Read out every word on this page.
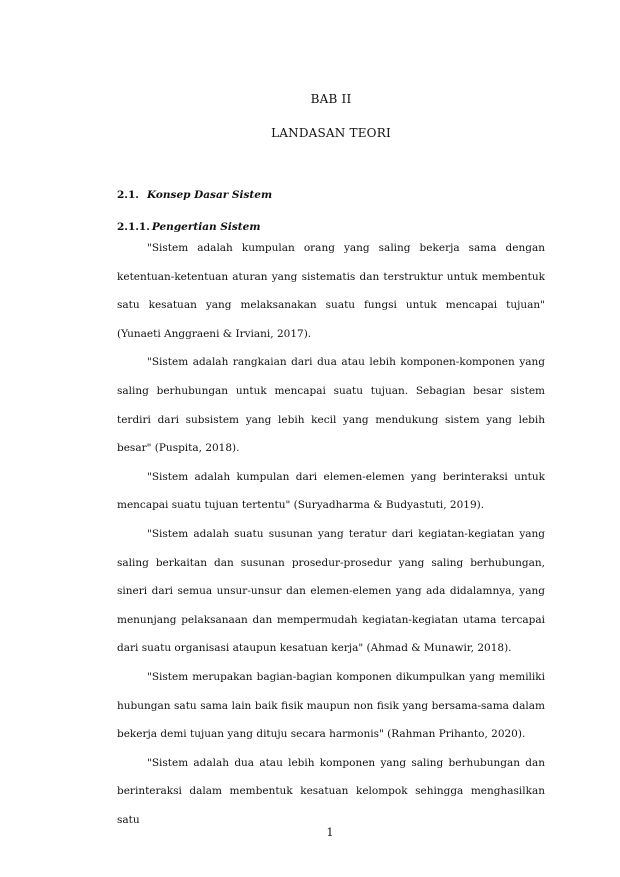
BAB II
LANDASAN TEORI
2.1. Konsep Dasar Sistem
2.1.1. Pengertian Sistem

"Sistem adalah kumpulan orang yang saling bekerja sama dengan ketentuan-ketentuan aturan yang sistematis dan terstruktur untuk membentuk satu kesatuan yang melaksanakan suatu fungsi untuk mencapai tujuan" (Yunaeti Anggraeni & Irviani, 2017).

"Sistem adalah rangkaian dari dua atau lebih komponen-komponen yang saling berhubungan untuk mencapai suatu tujuan. Sebagian besar sistem terdiri dari subsistem yang lebih kecil yang mendukung sistem yang lebih besar" (Puspita, 2018).

"Sistem adalah kumpulan dari elemen-elemen yang berinteraksi untuk mencapai suatu tujuan tertentu" (Suryadharma & Budyastuti, 2019).

"Sistem adalah suatu susunan yang teratur dari kegiatan-kegiatan yang saling berkaitan dan susunan prosedur-prosedur yang saling berhubungan, sineri dari semua unsur-unsur dan elemen-elemen yang ada didalamnya, yang menunjang pelaksanaan dan mempermudah kegiatan-kegiatan utama tercapai dari suatu organisasi ataupun kesatuan kerja" (Ahmad & Munawir, 2018).

"Sistem merupakan bagian-bagian komponen dikumpulkan yang memiliki hubungan satu sama lain baik fisik maupun non fisik yang bersama-sama dalam bekerja demi tujuan yang dituju secara harmonis" (Rahman Prihanto, 2020).

"Sistem adalah dua atau lebih komponen yang saling berhubungan dan berinteraksi dalam membentuk kesatuan kelompok sehingga menghasilkan satu

1
